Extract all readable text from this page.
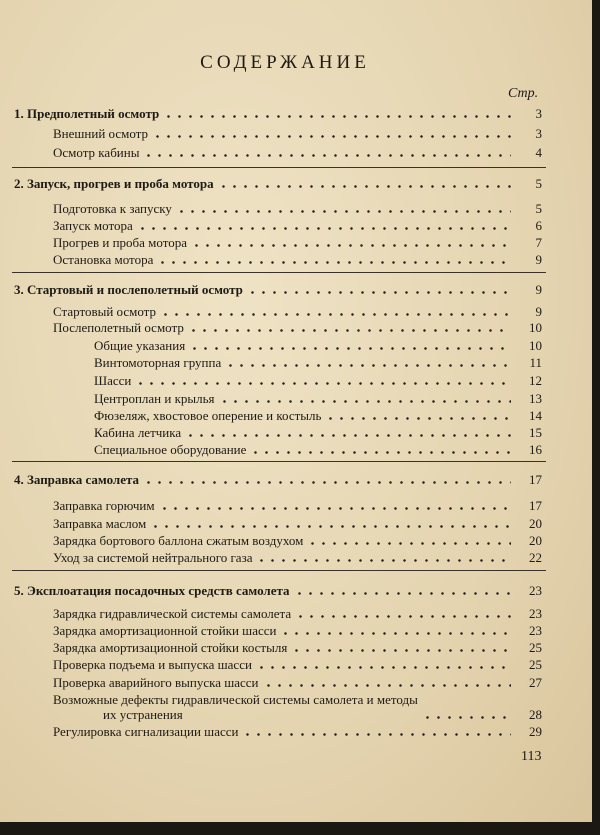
СОДЕРЖАНИЕ
Стр.
1. Предполетный осмотр	3
Внешний осмотр	3
Осмотр кабины	4
2. Запуск, прогрев и проба мотора	5
Подготовка к запуску	5
Запуск мотора	6
Прогрев и проба мотора	7
Остановка мотора	9
3. Стартовый и послеполетный осмотр	9
Стартовый осмотр	9
Послеполетный осмотр	10
Общие указания	10
Винтомоторная группа	11
Шасси	12
Центроплан и крылья	13
Фюзеляж, хвостовое оперение и костыль	14
Кабина летчика	15
Специальное оборудование	16
4. Заправка самолета	17
Заправка горючим	17
Заправка маслом	20
Зарядка бортового баллона сжатым воздухом	20
Уход за системой нейтрального газа	22
5. Эксплоатация посадочных средств самолета	23
Зарядка гидравлической системы самолета	23
Зарядка амортизационной стойки шасси	23
Зарядка амортизационной стойки костыля	25
Проверка подъема и выпуска шасси	25
Проверка аварийного выпуска шасси	27
Возможные дефекты гидравлической системы самолета и методы
их устранения	28
Регулировка сигнализации шасси	29
113
